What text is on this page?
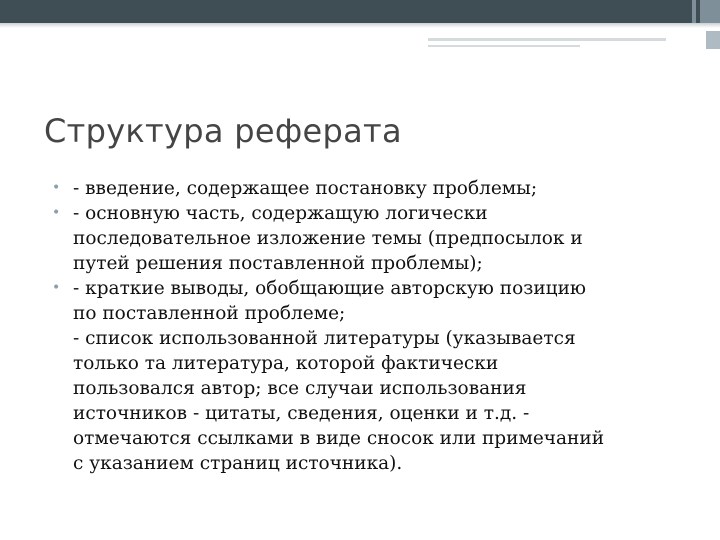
Структура реферата
• - введение, содержащее постановку проблемы;
• - основную часть, содержащую логически
последовательное изложение темы (предпосылок и
путей решения поставленной проблемы);
• - краткие выводы, обобщающие авторскую позицию
по поставленной проблеме;
- список использованной литературы (указывается
только та литература, которой фактически
пользовался автор; все случаи использования
источников - цитаты, сведения, оценки и т.д. -
отмечаются ссылками в виде сносок или примечаний
с указанием страниц источника).
